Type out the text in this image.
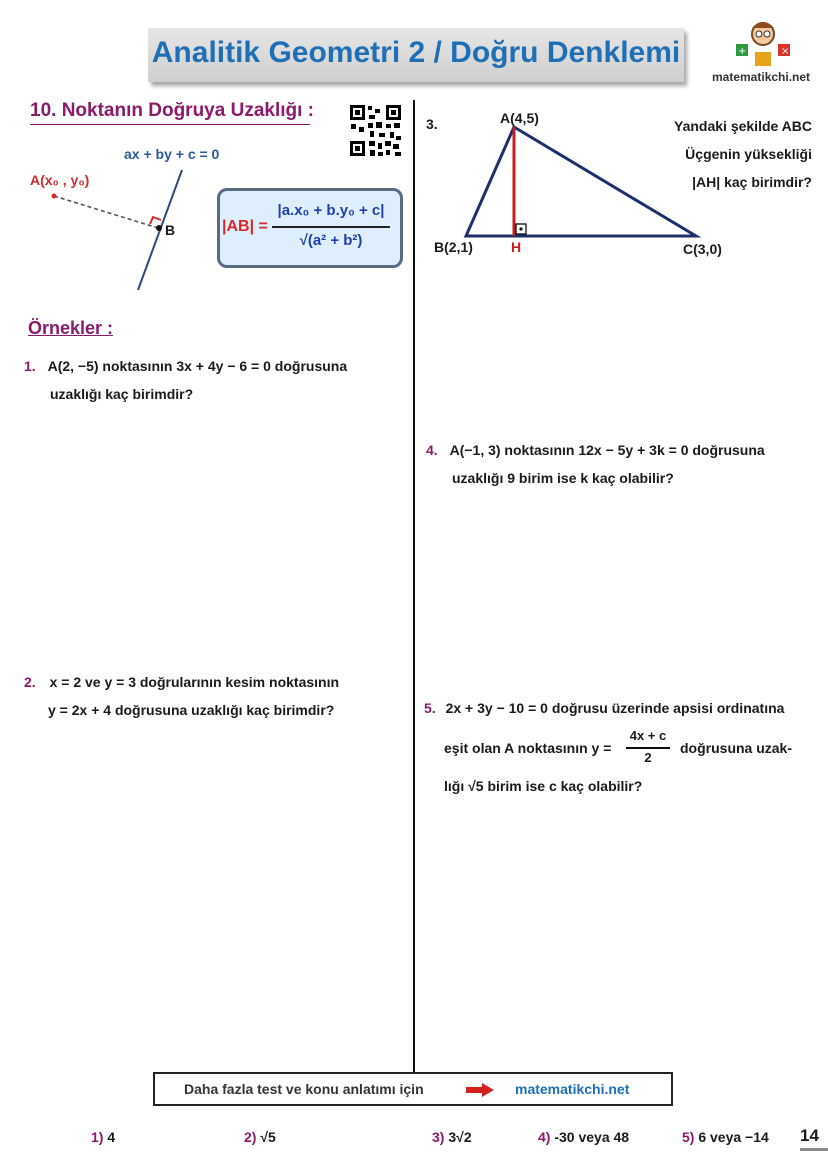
Analitik Geometri 2 / Doğru Denklemi	+	×
matematikchi.net
10. Noktanın Doğruya Uzaklığı :
ax + by + c = 0
A(x₀ , y₀)
B	|AB| =
|a.x₀ + b.y₀ + c|
√(a² + b²)
Örnekler :
1. A(2, −5) noktasının 3x + 4y − 6 = 0 doğrusuna
uzaklığı kaç birimdir?
2. x = 2 ve y = 3 doğrularının kesim noktasının
y = 2x + 4 doğrusuna uzaklığı kaç birimdir?
3.	A(4,5)
B(2,1)	C(3,0)
H
Yandaki şekilde ABC
Üçgenin yüksekliği
|AH| kaç birimdir?
4. A(−1, 3) noktasının 12x − 5y + 3k = 0 doğrusuna
uzaklığı 9 birim ise k kaç olabilir?
5. 2x + 3y − 10 = 0 doğrusu üzerinde apsisi ordinatına
eşit olan A noktasının y =
4x + c
2
doğrusuna uzak-
lığı √5 birim ise c kaç olabilir?
Daha fazla test ve konu anlatımı için	matematikchi.net
1) 4	2) √5	3) 3√2	4) -30 veya 48	5) 6 veya −14 14
